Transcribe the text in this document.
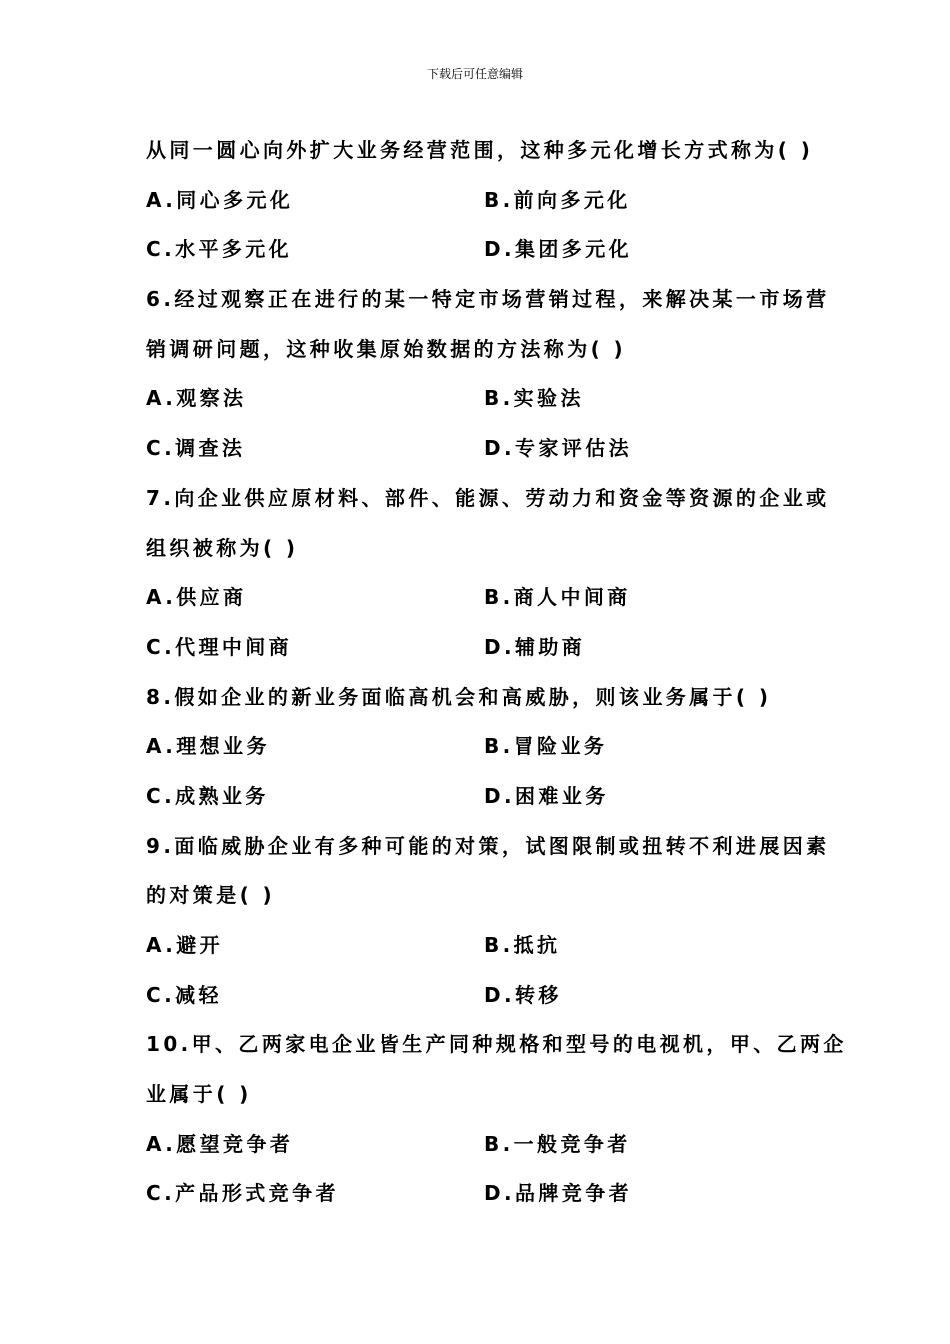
下载后可任意编辑
从同一圆心向外扩大业务经营范围，这种多元化增长方式称为( )
A.同心多元化	B.前向多元化
C.水平多元化	D.集团多元化
6.经过观察正在进行的某一特定市场营销过程，来解决某一市场营
销调研问题，这种收集原始数据的方法称为( )
A.观察法	B.实验法
C.调查法	D.专家评估法
7.向企业供应原材料、部件、能源、劳动力和资金等资源的企业或
组织被称为( )
A.供应商	B.商人中间商
C.代理中间商	D.辅助商
8.假如企业的新业务面临高机会和高威胁，则该业务属于( )
A.理想业务	B.冒险业务
C.成熟业务	D.困难业务
9.面临威胁企业有多种可能的对策，试图限制或扭转不利进展因素
的对策是( )
A.避开	B.抵抗
C.减轻	D.转移
10.甲、乙两家电企业皆生产同种规格和型号的电视机，甲、乙两企
业属于( )
A.愿望竞争者	B.一般竞争者
C.产品形式竞争者	D.品牌竞争者
